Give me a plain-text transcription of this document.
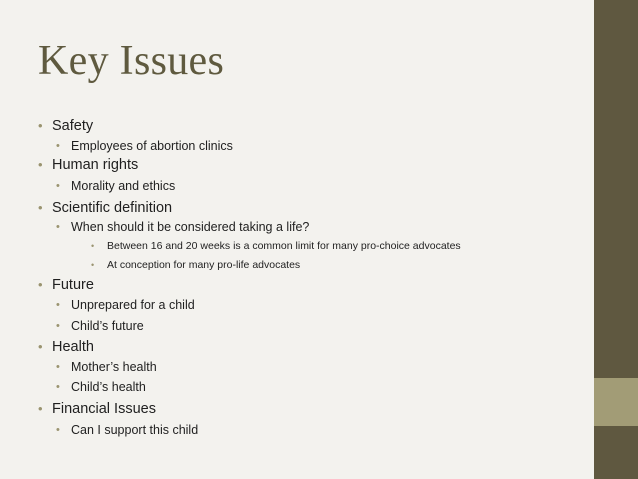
Key Issues
• Safety
• Employees of abortion clinics
• Human rights
• Morality and ethics
• Scientific definition
• When should it be considered taking a life?
• Between 16 and 20 weeks is a common limit for many pro-choice advocates
• At conception for many pro-life advocates
• Future
• Unprepared for a child
• Child’s future
• Health
• Mother’s health
• Child’s health
• Financial Issues
• Can I support this child
